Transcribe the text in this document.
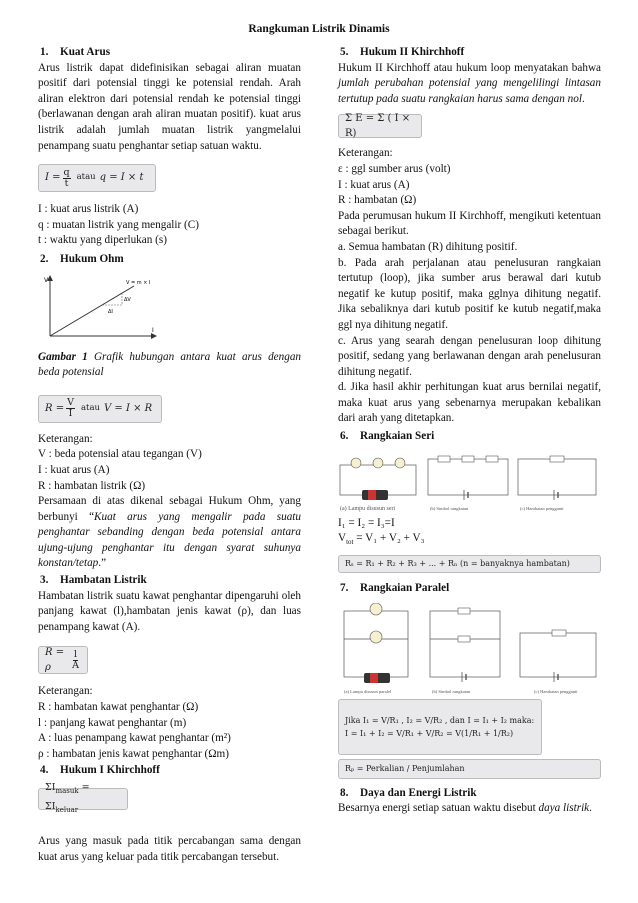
Rangkuman Listrik Dinamis
1. Kuat Arus

Arus listrik dapat didefinisikan sebagai aliran muatan positif dari potensial tinggi ke potensial rendah. Arah aliran elektron dari potensial rendah ke potensial tinggi (berlawanan dengan arah aliran muatan positif). kuat arus listrik adalah jumlah muatan listrik yangmelalui penampang suatu penghantar setiap satuan waktu.

$I = \frac{q}{t}$ atau q = I × t
I : kuat arus listrik (A)
q : muatan listrik yang mengalir (C)
t : waktu yang diperlukan (s)
2. Hukum Ohm
V
I
ΔV
ΔI
V = m × I

Gambar 1 Grafik hubungan antara kuat arus dengan beda potensial

$R = \frac{V}{I}$ atau V = I × R
Keterangan:
V : beda potensial atau tegangan (V)
I : kuat arus (A)
R : hambatan listrik (Ω)

Persamaan di atas dikenal sebagai Hukum Ohm, yang berbunyi “Kuat arus yang mengalir pada suatu penghantar sebanding dengan beda potensial antara ujung-ujung penghantar itu dengan syarat suhunya konstan/tetap.”

3. Hambatan Listrik

Hambatan listrik suatu kawat penghantar dipengaruhi oleh panjang kawat (l),hambatan jenis kawat (ρ), dan luas penampang kawat (A).

R = ρ	$\frac{l}{A}$
Keterangan:
R : hambatan kawat penghantar (Ω)
l : panjang kawat penghantar (m)
A : luas penampang kawat penghantar (m²)
ρ : hambatan jenis kawat penghantar (Ωm)
4. Hukum I Khirchhoff
$\Sigma I_{masuk} = \Sigma I_{keluar}$

Arus yang masuk pada titik percabangan sama dengan kuat arus yang keluar pada titik percabangan tersebut.

5. Hukum II Khirchhoff

Hukum II Kirchhoff atau hukum loop menyatakan bahwa jumlah perubahan potensial yang mengelilingi lintasan tertutup pada suatu rangkaian harus sama dengan nol.

Σ E = Σ ( I × R)
Keterangan:
ε : ggl sumber arus (volt)
I : kuat arus (A)
R : hambatan (Ω)

Pada perumusan hukum II Kirchhoff, mengikuti ketentuan sebagai berikut.

a. Semua hambatan (R) dihitung positif.

b. Pada arah perjalanan atau penelusuran rangkaian tertutup (loop), jika sumber arus berawal dari kutub negatif ke kutup positif, maka gglnya dihitung negatif. Jika sebaliknya dari kutub positif ke kutub negatif,maka ggl nya dihitung negatif.

c. Arus yang searah dengan penelusuran loop dihitung positif, sedang yang berlawanan dengan arah penelusuran dihitung negatif.

d. Jika hasil akhir perhitungan kuat arus bernilai negatif, maka kuat arus yang sebenarnya merupakan kebalikan dari arah yang ditetapkan.

6. Rangkaian Seri
(a) Lampu disusun seri	(b) Simbol rangkaian	(c) Hambatan pengganti
I₁ = I₂ = I₃=I
$V_{tot} = V_1 + V_2 + V_3$
Rₛ = R₁ + R₂ + R₃ + ... + Rₙ (n = banyaknya hambatan)
7. Rangkaian Paralel
(a) Lampu disusun paralel	(b) Simbol rangkaian	(c) Hambatan pengganti
Jika I₁ = V/R₁ , I₂ = V/R₂ , dan I = I₁ + I₂ maka:
I = I₁ + I₂ = V/R₁ + V/R₂ = V(1/R₁ + 1/R₂)
Rₚ = Perkalian / Penjumlahan
8. Daya dan Energi Listrik

Besarnya energi setiap satuan waktu disebut daya listrik.
